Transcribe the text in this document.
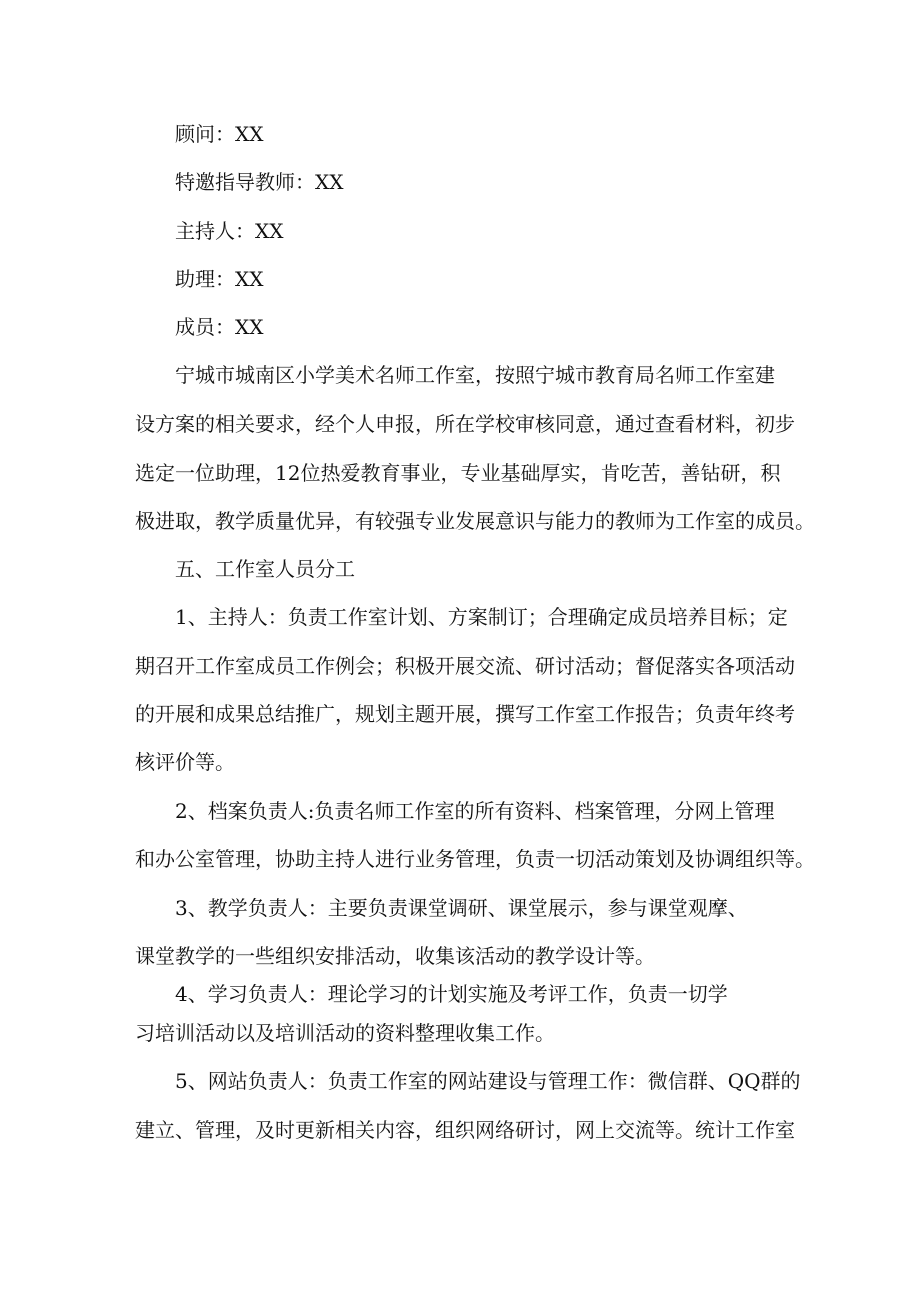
顾问：XX

特邀指导教师：XX

主持人：XX

助理：XX

成员：XX

宁城市城南区小学美术名师工作室，按照宁城市教育局名师工作室建

设方案的相关要求，经个人申报，所在学校审核同意，通过查看材料，初步

选定一位助理，12位热爱教育事业，专业基础厚实，肯吃苦，善钻研，积

极进取，教学质量优异，有较强专业发展意识与能力的教师为工作室的成员。

五、工作室人员分工

1、主持人：负责工作室计划、方案制订；合理确定成员培养目标；定

期召开工作室成员工作例会；积极开展交流、研讨活动；督促落实各项活动

的开展和成果总结推广，规划主题开展，撰写工作室工作报告；负责年终考

核评价等。

2、档案负责人:负责名师工作室的所有资料、档案管理，分网上管理

和办公室管理，协助主持人进行业务管理，负责一切活动策划及协调组织等。

3、教学负责人：主要负责课堂调研、课堂展示，参与课堂观摩、

课堂教学的一些组织安排活动，收集该活动的教学设计等。

4、学习负责人：理论学习的计划实施及考评工作，负责一切学

习培训活动以及培训活动的资料整理收集工作。

5、网站负责人：负责工作室的网站建设与管理工作：微信群、QQ群的

建立、管理，及时更新相关内容，组织网络研讨，网上交流等。统计工作室
